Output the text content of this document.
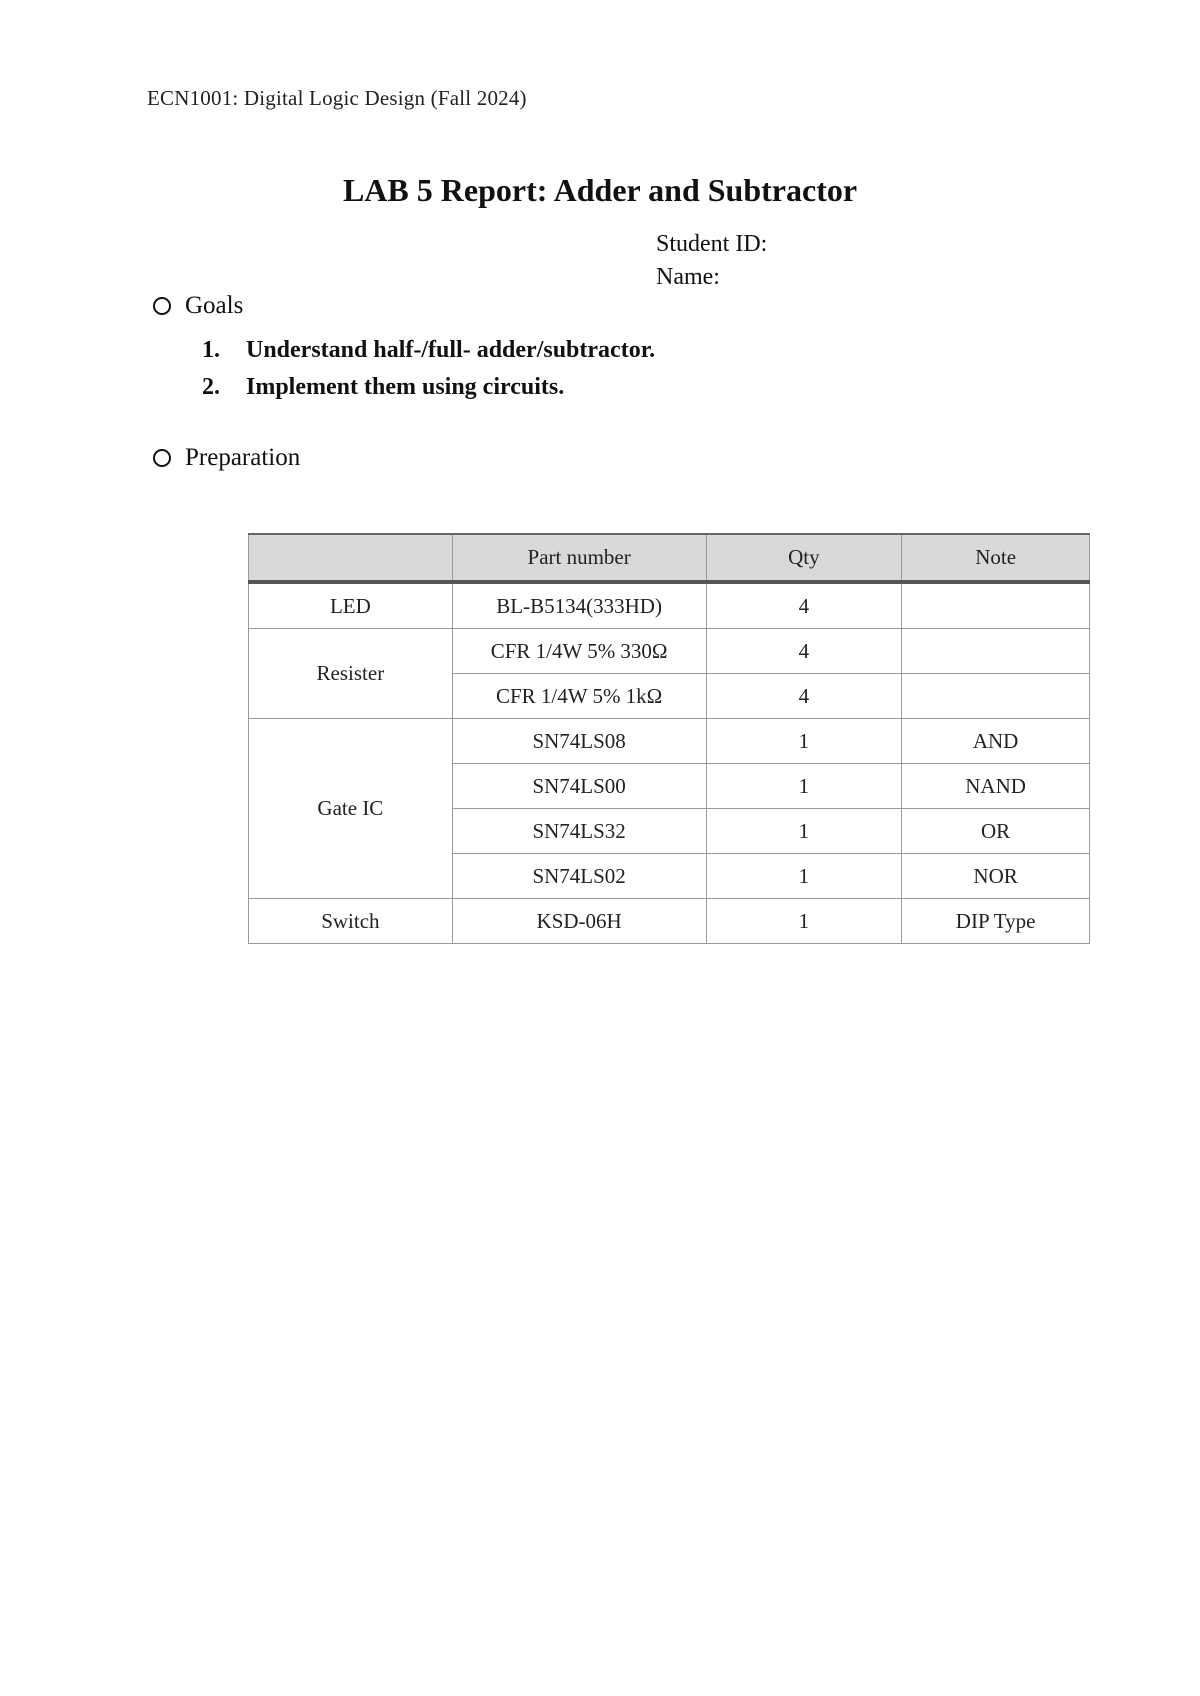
ECN1001: Digital Logic Design (Fall 2024)
LAB 5 Report: Adder and Subtractor
Student ID:
Name:
Goals
1.	Understand half-/full- adder/subtractor.
2.	Implement them using circuits.
Preparation
	Part number	Qty	Note
LED	BL-B5134(333HD)	4	
Resister	CFR 1/4W 5% 330Ω	4	
	CFR 1/4W 5% 1kΩ	4	
Gate IC	SN74LS08	1	AND
	SN74LS00	1	NAND
	SN74LS32	1	OR
	SN74LS02	1	NOR
Switch	KSD-06H	1	DIP Type
